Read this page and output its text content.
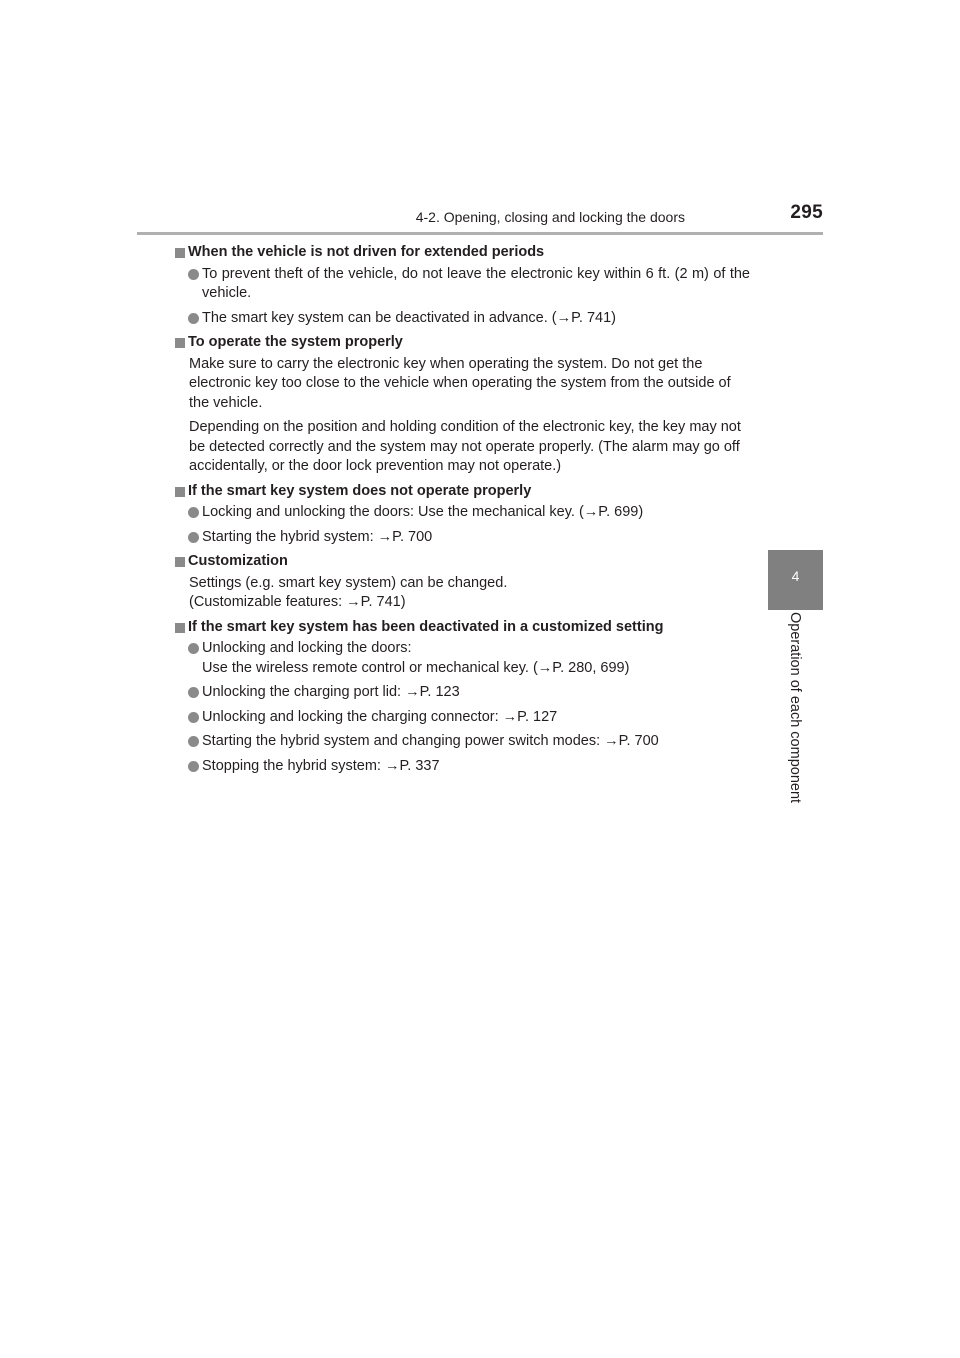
4-2. Opening, closing and locking the doors	295
4
Operation of each component
When the vehicle is not driven for extended periods
To prevent theft of the vehicle, do not leave the electronic key within 6 ft. (2 m) of the vehicle.
The smart key system can be deactivated in advance. (→P. 741)
To operate the system properly
Make sure to carry the electronic key when operating the system. Do not get the electronic key too close to the vehicle when operating the system from the outside of the vehicle.
Depending on the position and holding condition of the electronic key, the key may not be detected correctly and the system may not operate properly. (The alarm may go off accidentally, or the door lock prevention may not operate.)
If the smart key system does not operate properly
Locking and unlocking the doors: Use the mechanical key. (→P. 699)
Starting the hybrid system: →P. 700
Customization
Settings (e.g. smart key system) can be changed.
(Customizable features: →P. 741)
If the smart key system has been deactivated in a customized setting
Unlocking and locking the doors:
Use the wireless remote control or mechanical key. (→P. 280, 699)
Unlocking the charging port lid: →P. 123
Unlocking and locking the charging connector: →P. 127
Starting the hybrid system and changing power switch modes: →P. 700
Stopping the hybrid system: →P. 337
